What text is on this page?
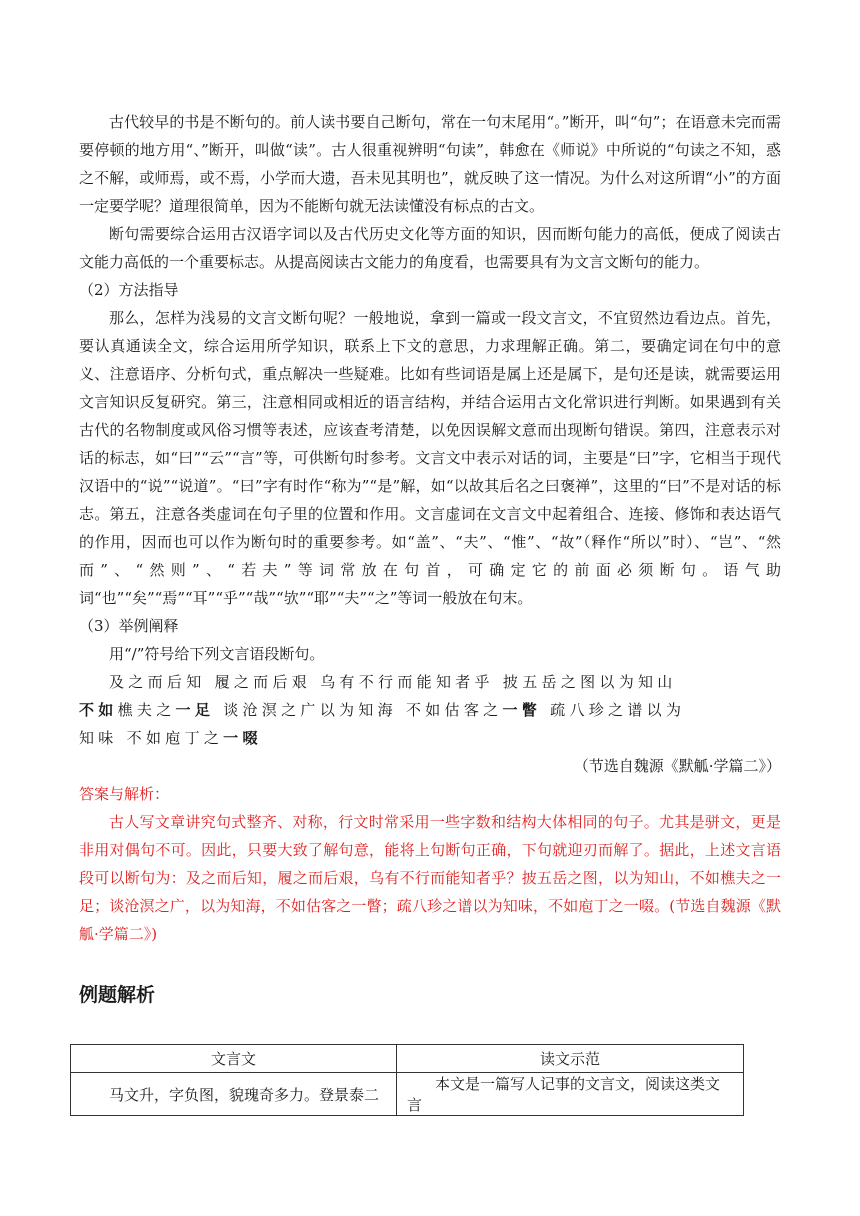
古代较早的书是不断句的。前人读书要自己断句，常在一句末尾用“。”断开，叫“句”；在语意未完而需要停顿的地方用“、”断开，叫做“读”。古人很重视辨明“句读”，韩愈在《师说》中所说的“句读之不知，惑之不解，或师焉，或不焉，小学而大遗，吾未见其明也”，就反映了这一情况。为什么对这所谓“小”的方面一定要学呢？道理很简单，因为不能断句就无法读懂没有标点的古文。

断句需要综合运用古汉语字词以及古代历史文化等方面的知识，因而断句能力的高低，便成了阅读古文能力高低的一个重要标志。从提高阅读古文能力的角度看，也需要具有为文言文断句的能力。

（2）方法指导

那么，怎样为浅易的文言文断句呢？一般地说，拿到一篇或一段文言文，不宜贸然边看边点。首先，要认真通读全文，综合运用所学知识，联系上下文的意思，力求理解正确。第二，要确定词在句中的意义、注意语序、分析句式，重点解决一些疑难。比如有些词语是属上还是属下，是句还是读，就需要运用文言知识反复研究。第三，注意相同或相近的语言结构，并结合运用古文化常识进行判断。如果遇到有关古代的名物制度或风俗习惯等表述，应该查考清楚，以免因误解文意而出现断句错误。第四，注意表示对话的标志，如“曰”“云”“言”等，可供断句时参考。文言文中表示对话的词，主要是“曰”字，它相当于现代汉语中的“说”“说道”。“曰”字有时作“称为”“是”解，如“以故其后名之曰褒禅”，这里的“曰”不是对话的标志。第五，注意各类虚词在句子里的位置和作用。文言虚词在文言文中起着组合、连接、修饰和表达语气的作用，因而也可以作为断句时的重要参考。如“盖”、“夫”、“惟”、“故”（释作“所以”时）、“岂”、“然而”、“然则”、“若夫”等词常放在句首，可确定它的前面必须断句。语气助词“也”“矣”“焉”“耳”“乎”“哉”“欤”“耶”“夫”“之”等词一般放在句末。

（3）举例阐释

用“/”符号给下列文言语段断句。

及之而后知 履之而后艰 乌有不行而能知者乎 披五岳之图以为知山

不如樵夫之一足 谈沧溟之广以为知海 不如估客之一瞥 疏八珍之谱以为

知味 不如庖丁之一啜

（节选自魏源《默觚·学篇二》）

答案与解析：

古人写文章讲究句式整齐、对称，行文时常采用一些字数和结构大体相同的句子。尤其是骈文，更是非用对偶句不可。因此，只要大致了解句意，能将上句断句正确，下句就迎刃而解了。据此，上述文言语段可以断句为：及之而后知，履之而后艰，乌有不行而能知者乎？披五岳之图，以为知山，不如樵夫之一足；谈沧溟之广，以为知海，不如估客之一瞥；疏八珍之谱以为知味，不如庖丁之一啜。(节选自魏源《默觚·学篇二》)

例题解析
文言文	读文示范
马文升，字负图，貌瑰奇多力。登景泰二	本文是一篇写人记事的文言文，阅读这类文言
